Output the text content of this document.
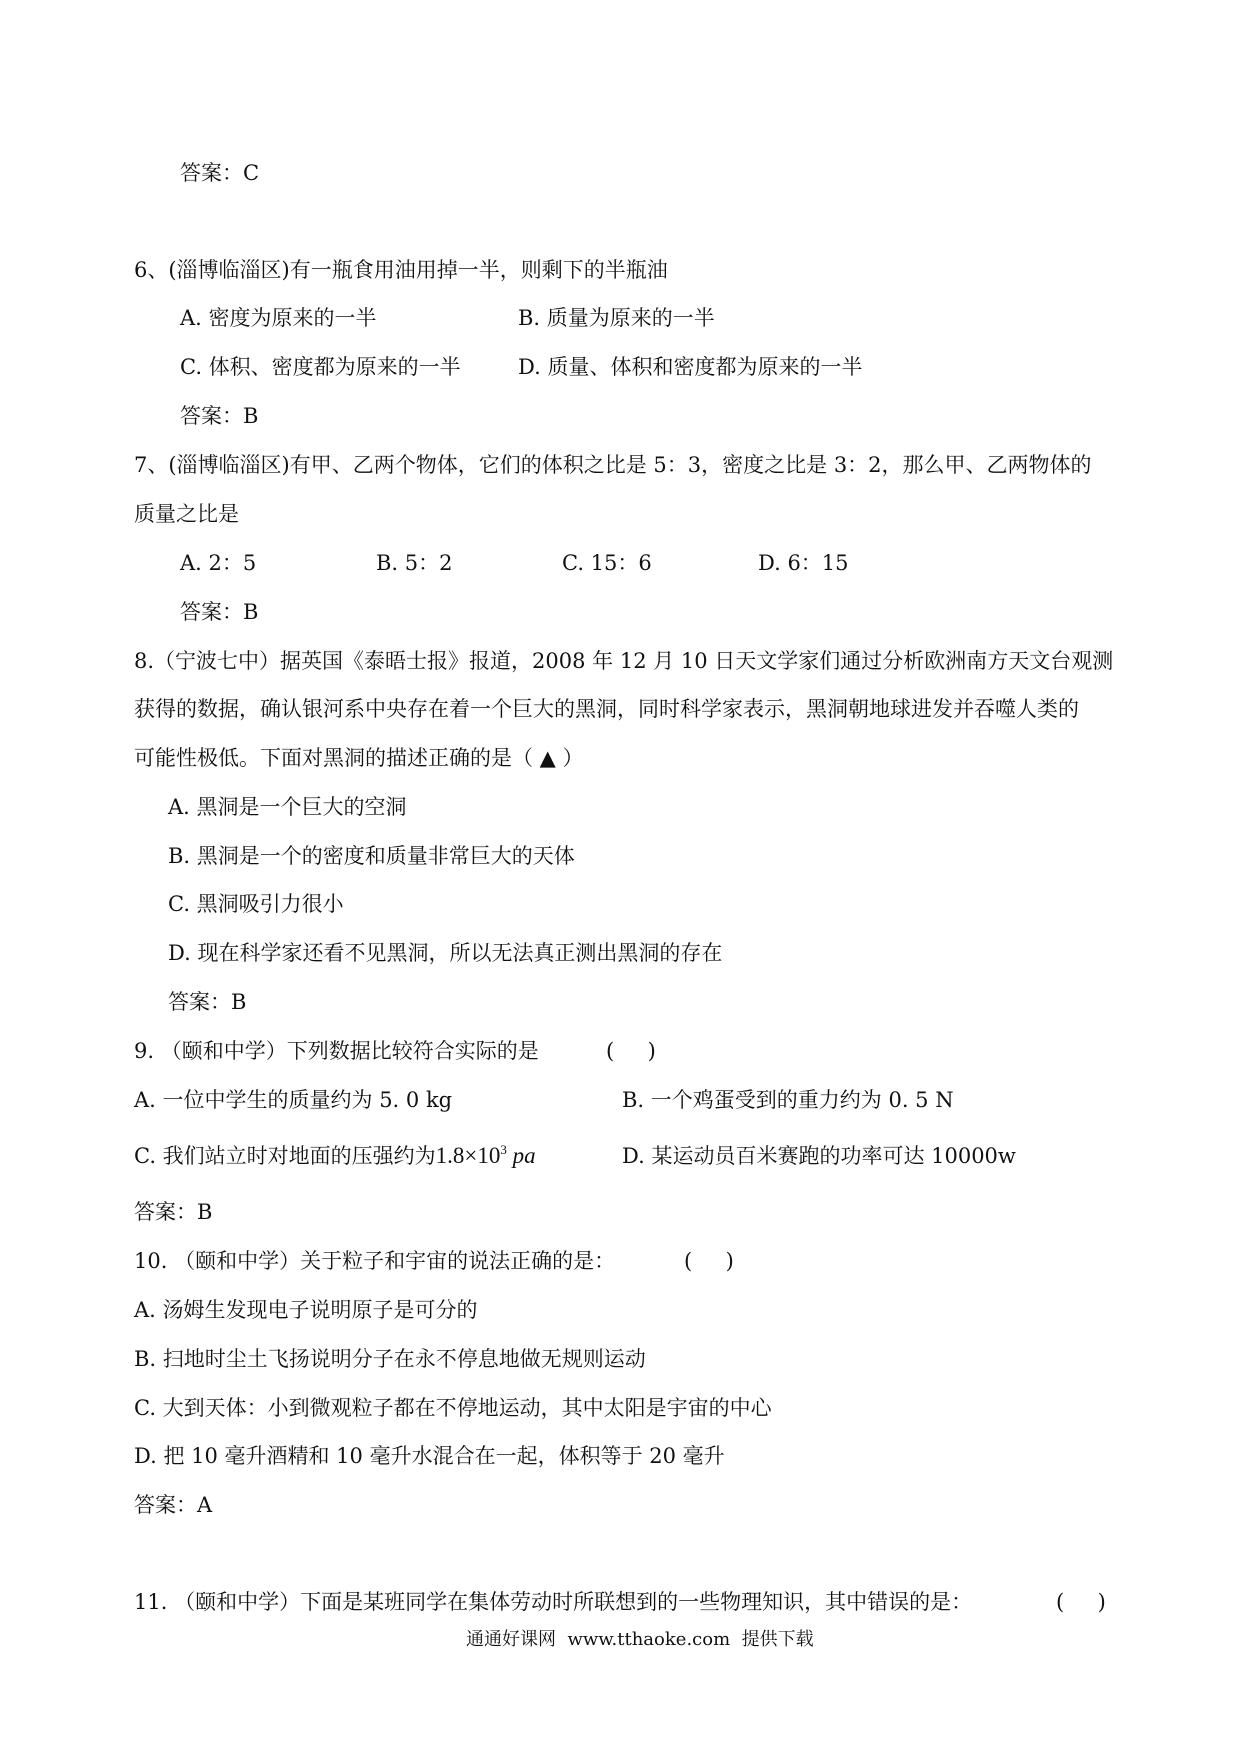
答案：C
6、(淄博临淄区)有一瓶食用油用掉一半，则剩下的半瓶油
A. 密度为原来的一半	B. 质量为原来的一半
C. 体积、密度都为原来的一半	D. 质量、体积和密度都为原来的一半
答案：B
7、(淄博临淄区)有甲、乙两个物体，它们的体积之比是 5：3，密度之比是 3：2，那么甲、乙两物体的
质量之比是
A. 2：5	B. 5：2	C. 15：6	D. 6：15
答案：B
8.（宁波七中）据英国《泰晤士报》报道，2008 年 12 月 10 日天文学家们通过分析欧洲南方天文台观测
获得的数据，确认银河系中央存在着一个巨大的黑洞，同时科学家表示，黑洞朝地球进发并吞噬人类的
可能性极低。下面对黑洞的描述正确的是（ ▲ ）
A. 黑洞是一个巨大的空洞
B. 黑洞是一个的密度和质量非常巨大的天体
C. 黑洞吸引力很小
D. 现在科学家还看不见黑洞，所以无法真正测出黑洞的存在
答案：B
9. （颐和中学）下列数据比较符合实际的是	(     )
A. 一位中学生的质量约为 5. 0 kg	B. 一个鸡蛋受到的重力约为 0. 5 N
C. 我们站立时对地面的压强约为$1.8\times 10^3$ pa	D. 某运动员百米赛跑的功率可达 10000w
答案：B
10. （颐和中学）关于粒子和宇宙的说法正确的是：	(     )
A. 汤姆生发现电子说明原子是可分的
B. 扫地时尘土飞扬说明分子在永不停息地做无规则运动
C. 大到天体：小到微观粒子都在不停地运动，其中太阳是宇宙的中心
D. 把 10 毫升酒精和 10 毫升水混合在一起，体积等于 20 毫升
答案：A
11. （颐和中学）下面是某班同学在集体劳动时所联想到的一些物理知识，其中错误的是：	(     )
通通好课网  www.tthaoke.com  提供下载
